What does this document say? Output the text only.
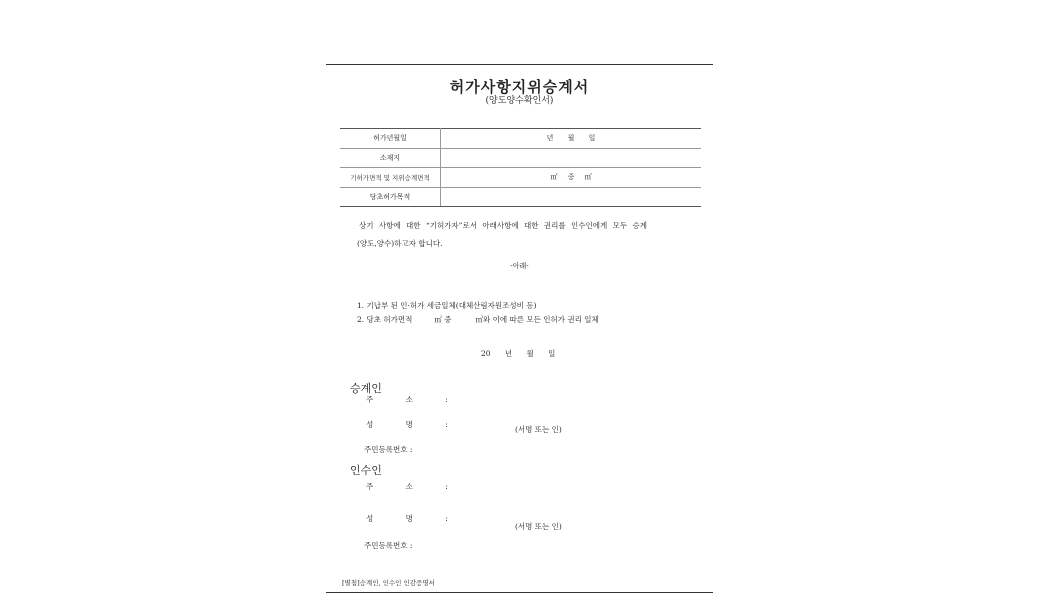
허가사항지위승계서
(양도양수확인서)
허가년월일	년 월 일
소재지	
기허가면적 및 지위승계면적	㎡ 중 ㎡
당초허가목적	
상기 사항에 대한 “기허가자”로서 아래사항에 대한 권리를 인수인에게 모두 승계
(양도,양수)하고자 합니다.
-아래-
1. 기납부 된 인·허가 세금일체(대체산림자원조성비 등)
2. 당초 허가면적	㎡ 중	㎡와 이에 따른 모든 인허가 권리 일체
20 년 월 일
승계인
주 소 :
성 명 :
(서명 또는 인)
주민등록번호 :
인수인
주 소 :
성 명 :
(서명 또는 인)
주민등록번호 :
[별첨]승계인, 인수인 인감증명서
